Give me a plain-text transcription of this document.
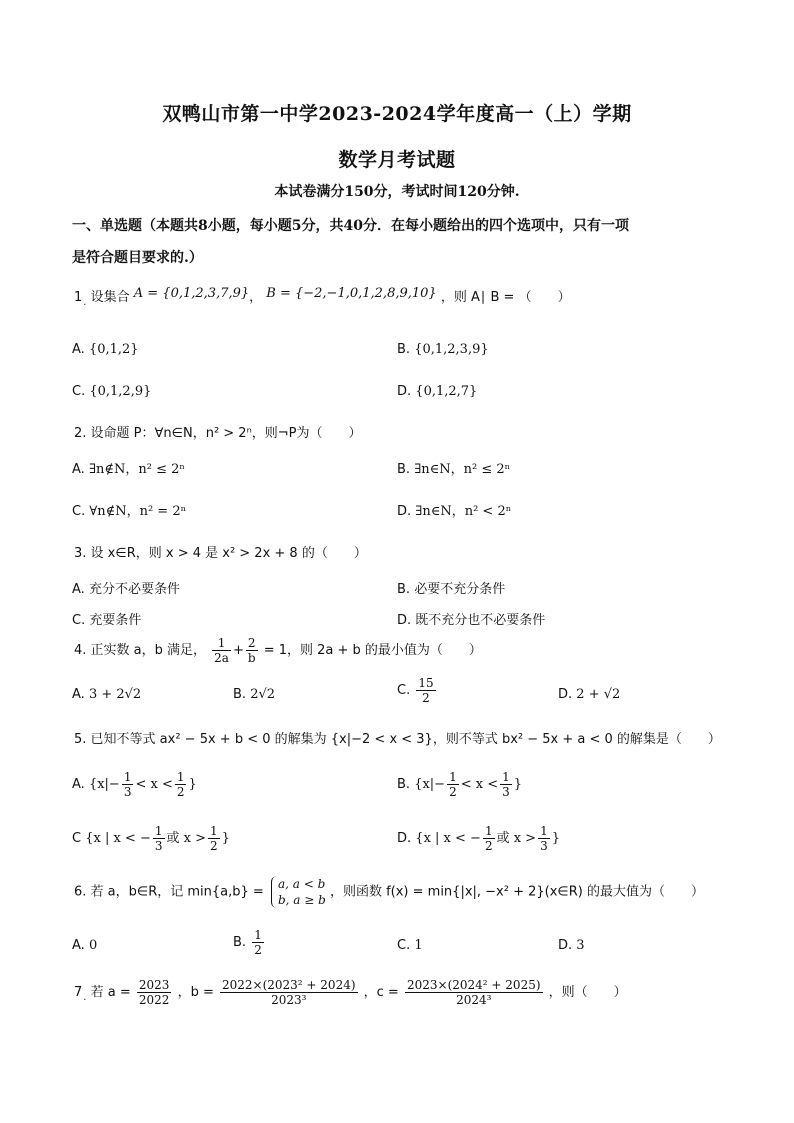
双鸭山市第一中学2023-2024学年度高一（上）学期
数学月考试题
本试卷满分150分，考试时间120分钟.
一、单选题（本题共8小题，每小题5分，共40分．在每小题给出的四个选项中，只有一项
是符合题目要求的.）
$1_.$ 设集合 A = {0,1,2,3,7,9}， B = {−2,−1,0,1,2,8,9,10} ，则 A∣ B = （　　）
A. {0,1,2}	B. {0,1,2,3,9}
C. {0,1,2,9}	D. {0,1,2,7}
2. 设命题 P：∀n∈N，n² > 2ⁿ，则¬P为（　　）
A. ∃n∉N，n² ≤ 2ⁿ	B. ∃n∈N，n² ≤ 2ⁿ
C. ∀n∉N，n² = 2ⁿ	D. ∃n∈N，n² < 2ⁿ
3. 设 x∈R，则 x > 4 是 x² > 2x + 8 的（　　）
A. 充分不必要条件	B. 必要不充分条件
C. 充要条件	D. 既不充分也不必要条件
4. 正实数 a，b 满足， $\frac{1}{2a} + \frac{2}{b} = 1$，则 2a + b 的最小值为（　　）
A. 3 + 2√2	B. 2√2	C. $\frac{15}{2}$	D. 2 + √2
5. 已知不等式 ax² − 5x + b < 0 的解集为 {x|−2 < x < 3}，则不等式 bx² − 5x + a < 0 的解集是（　　）
A. {$x|- \frac{1}{3} < x < \frac{1}{2}$ }	B. {$x|- \frac{1}{2} < x < \frac{1}{3}$ }
C {x | x < − $\frac{1}{3}$ 或 $x > \frac{1}{2}$ }	D. {x | x < − $\frac{1}{2}$ 或 $x > \frac{1}{3}$ }
6. 若 a，b∈R，记 min{a,b} =
a, a < b
b, a ≥ b
，则函数 f(x) = min{|x|, −x² + 2}(x∈R) 的最大值为（　　）
A. 0	B. $\frac{1}{2}$	C. 1	D. 3
$7_.$ 若 $a = \frac{2023}{2022}$ ，$b = \frac{\text{2022×(2023² + 2024)}}{\text{2023³}}$ ，$c = \frac{\text{2023×(2024² + 2025)}}{\text{2024³}}$ ，则（　　）
